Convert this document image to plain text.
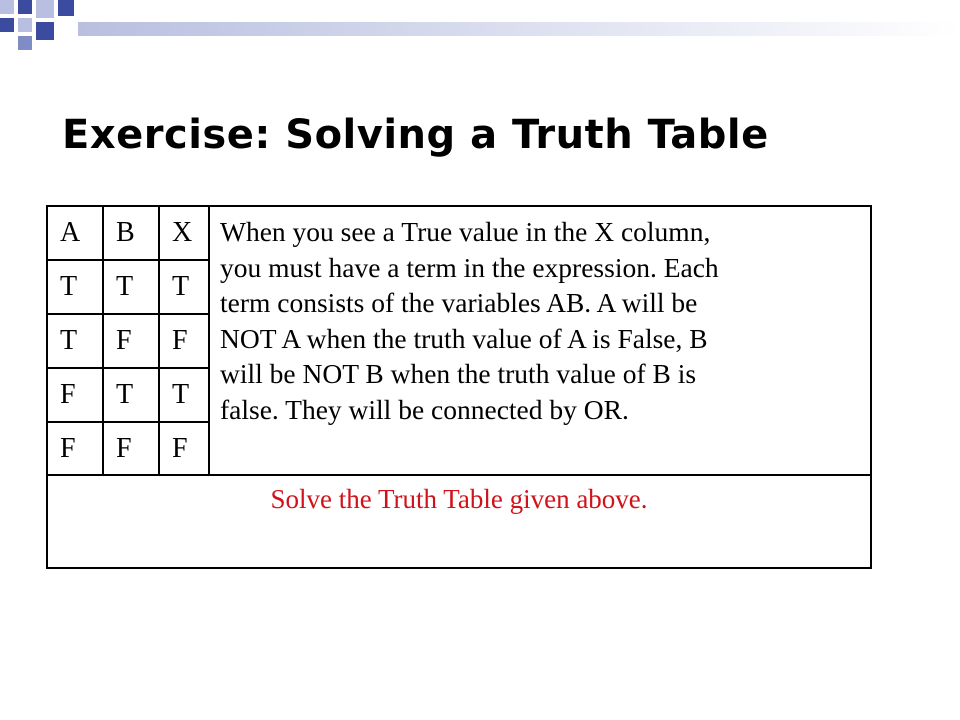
Exercise: Solving a Truth Table
A	B	X
T	T	T
T	F	F
F	T	T
F	F	F
When you see a True value in the X column,
you must have a term in the expression. Each
term consists of the variables AB. A will be
NOT A when the truth value of A is False, B
will be NOT B when the truth value of B is
false. They will be connected by OR.
Solve the Truth Table given above.
